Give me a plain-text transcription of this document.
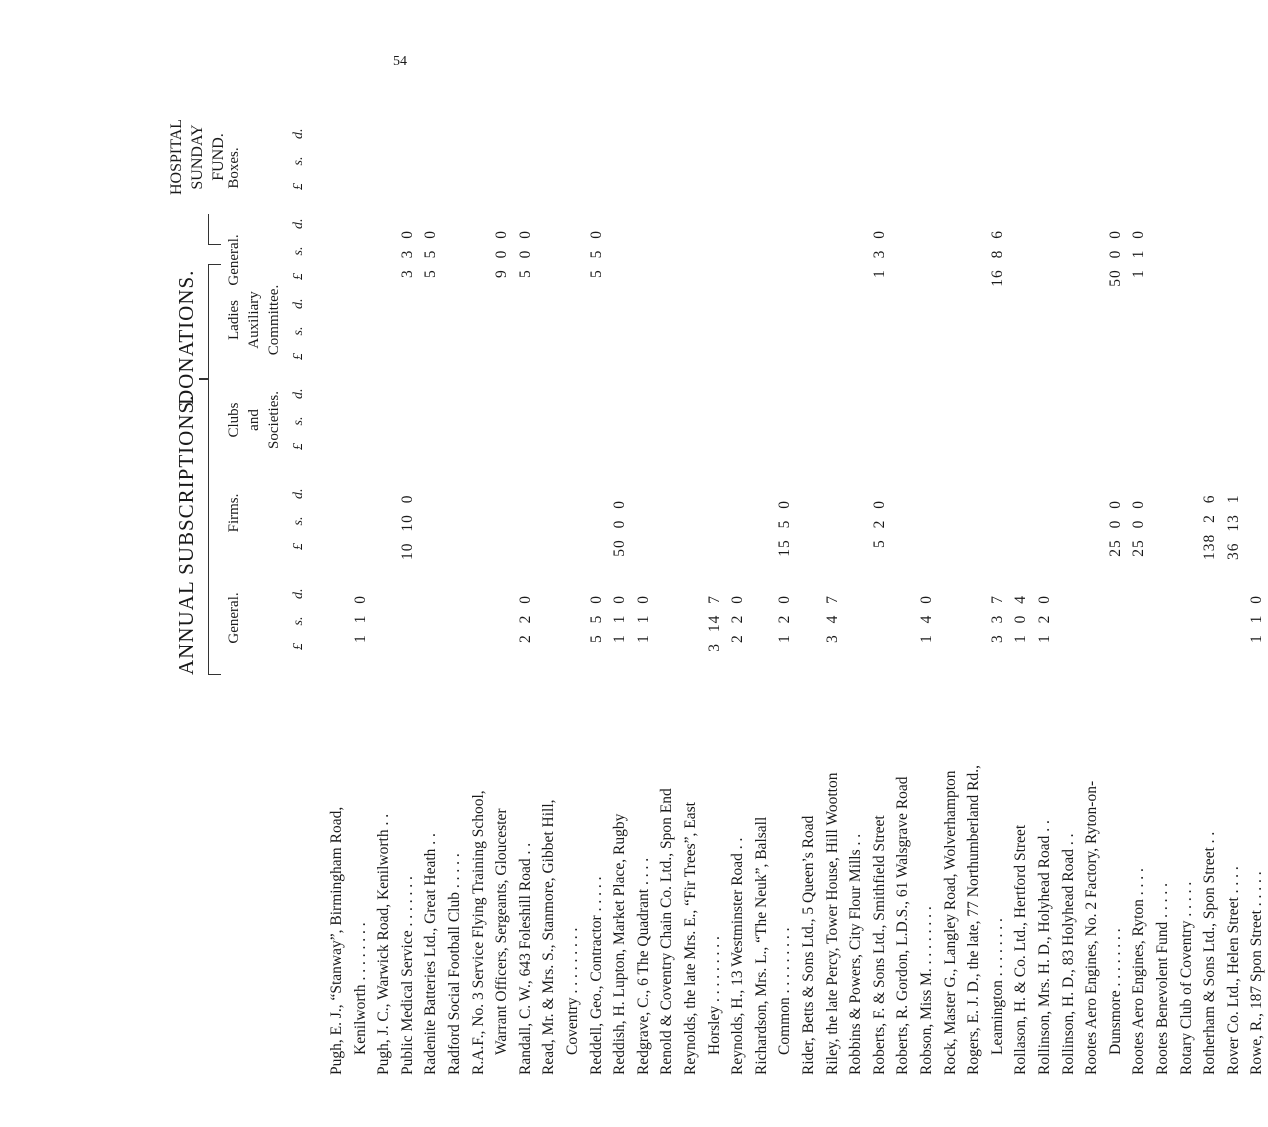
54
ANNUAL SUBSCRIPTIONS.
DONATIONS.
HOSPITAL SUNDAY FUND.
General.
Firms.
Clubs and Societies.
Ladies Auxiliary Committee.
General.
Boxes.
£ s. d.
£ s. d.
£ s. d.
£ s. d.
£ s. d.
£ s. d.
Pugh, E. J., “Stanway”, Birmingham Road, Kenilworth . . . . . . . .
1 1 0
Pugh, J. C., Warwick Road, Kenilworth . . Public Medical Service . . . . . . .
10 10 0
3 3 0
Radenite Batteries Ltd., Great Heath . .
5 5 0
Radford Social Football Club . . . . . R.A.F., No. 3 Service Flying Training School, Warrant Officers, Sergeants, Gloucester
9 0 0
Randall, C. W., 643 Foleshill Road . .
2 2 0
5 0 0
Read, Mr. & Mrs. S., Stanmore, Gibbet Hill, Coventry . . . . . . . . . Reddell, Geo., Contractor . . . . .
5 5 0
5 5 0
Reddish, H. Lupton, Market Place, Rugby
1 1 0
50 0 0
Redgrave, C., 6 The Quadrant . . . .
1 1 0
Renold & Coventry Chain Co. Ltd., Spon End Reynolds, the late Mrs. E., “Fir Trees”, East Horsley . . . . . . . . .
3 14 7
Reynolds, H., 13 Westminster Road . .
2 2 0
Richardson, Mrs. L., “The Neuk”, Balsall Common . . . . . . . . .
1 2 0
15 5 0
Rider, Betts & Sons Ltd., 5 Queen’s Road Riley, the late Percy, Tower House, Hill Wootton
3 4 7
Robbins & Powers, City Flour Mills . . Roberts, F. & Sons Ltd., Smithfield Street
5 2 0
1 3 0
Roberts, R. Gordon, L.D.S., 61 Walsgrave Road Robson, Miss M. . . . . . . . .
1 4 0
Rock, Master G., Langley Road, Wolverhampton Rogers, E. J. D., the late, 77 Northumberland Rd., Leamington . . . . . . . .
3 3 7
16 8 6
Rollason, H. & Co. Ltd., Hertford Street
1 0 4
Rollinson, Mrs. H. D., Holyhead Road . .
1 2 0
Rollinson, H. D., 83 Holyhead Road . . Rootes Aero Engines, No. 2 Factory, Ryton-on- Dunsmore . . . . . . . .
25 0 0
50 0 0
Rootes Aero Engines, Ryton . . . .
25 0 0
1 1 0
Rootes Benevolent Fund . . . . . Rotary Club of Coventry . . . . . Rotherham & Sons Ltd., Spon Street . .
138 2 6
Rover Co. Ltd., Helen Street . . . .
36 13 1
Rowe, R., 187 Spon Street . . . . .
1 1 0
